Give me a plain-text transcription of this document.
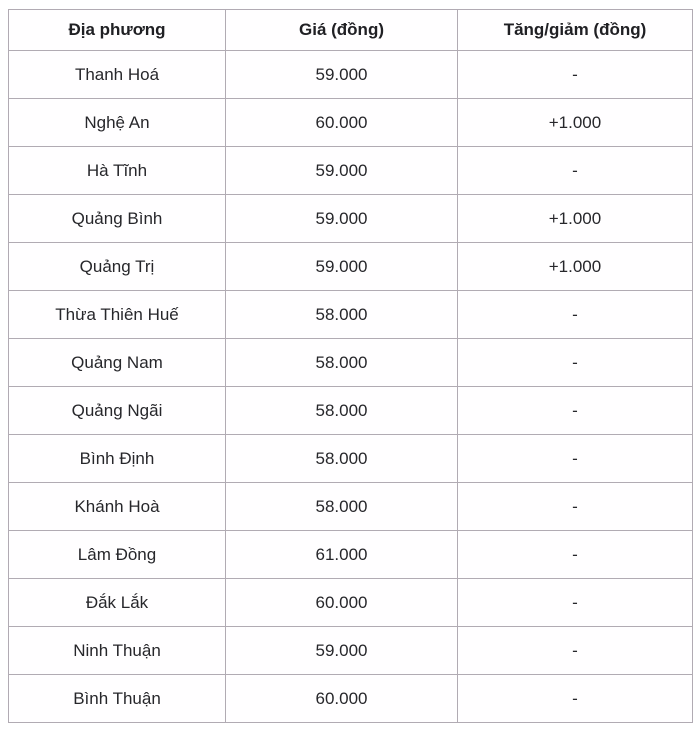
Địa phương	Giá (đồng)	Tăng/giảm (đồng)
Thanh Hoá	59.000	-
Nghệ An	60.000	+1.000
Hà Tĩnh	59.000	-
Quảng Bình	59.000	+1.000
Quảng Trị	59.000	+1.000
Thừa Thiên Huế	58.000	-
Quảng Nam	58.000	-
Quảng Ngãi	58.000	-
Bình Định	58.000	-
Khánh Hoà	58.000	-
Lâm Đồng	61.000	-
Đắk Lắk	60.000	-
Ninh Thuận	59.000	-
Bình Thuận	60.000	-
